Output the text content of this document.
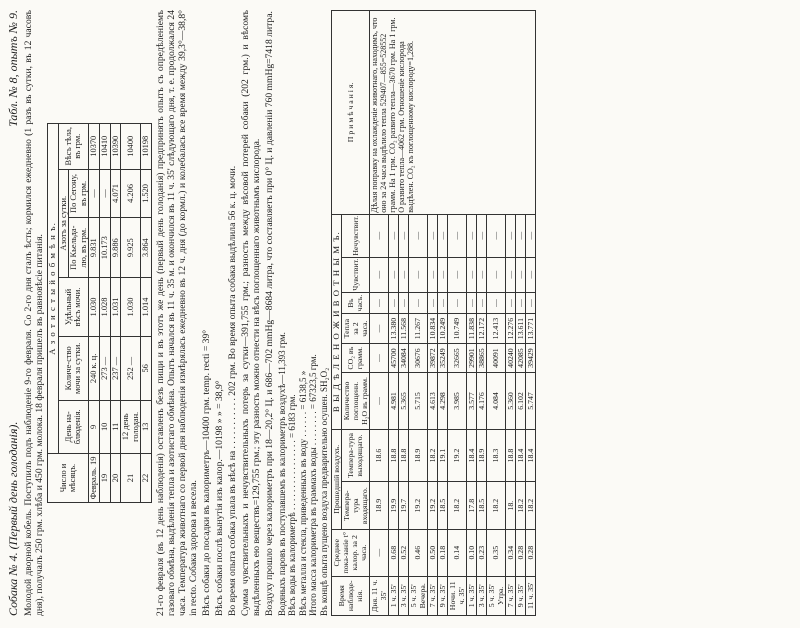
Собака № 4. (Первый день голоданія).
Табл. № 8, опытъ № 9. Молодой дворной кобель. Поступилъ подъ наблюденіе 9-го февраля. Со 2-го дня сталъ ѣсть; кормился ежедневно (1 разъ въ сутки, въ 12 часовъ дня), получалъ 250 грм. хлѣба и 450 грм. молока. 18 февраля пришелъ въ равновѣсіе питанія. Число и мѣсяцъ.	А з о т и с т ы й о б м ѣ н ъ.					
	День на-блюденія.	Количе-ство мочи за сутки.	Удѣльный вѣсъ мочи.	Азотъ за сутки.		Вѣсъ тѣла, въ грм.
				По Кьельда-лю, въ грм.	По Сeгону, въ грм.	
Февраль. 19	9	240 к. ц.	1.030	9.831	—	10370
19	10	273 —	1.028	10.173	—	10410
20	11	237 —	1.031	9.886	4.071	10390
21	12 день голодан.	252 —	1.030	9.925	4.206	10400
22	13	56	1.014	3.864	1.520	10198 21-го февраля (въ 12 день наблюденія) оставленъ безъ пищи и въ этотъ же день (первый день голоданія) предпринятъ опытъ съ опредѣленіемъ газоваго обмѣна, выдѣленія тепла и азотистаго обмѣна. Опытъ начался въ 11 ч. 35 м. и окончился въ 11 ч. 35' слѣдующаго дня, т. е. продолжался 24 часа. Температура животнаго со первой дня наблюденія измѣрялась ежедневно въ 12 ч. дня (до кормл.) и колебалась все время между 39,3°—38,8° in recto. Собака здорова и весела. Вѣсъ собаки до посадки въ калориметръ—10400 грм. temp. recti = 39° Вѣсъ собаки послѣ вынутія изъ калор.—10198 » » = 38,9° Во время опыта собака упала въ вѣсѣ на . . . . . . . . . . . 202 грм. Во время опыта собака выдѣлила 56 к. ц. мочи. Сумма чувствительныхъ и нечувствительныхъ потерь за сутки—391,755 грм.; разность между вѣсовой потерей собаки (202 грм.) и вѣсомъ выдѣленныхъ ею веществъ=129,755 грм.; эту разность можно отнести на вѣсъ поглощеннаго животнымъ кислорода. Воздуху прошло через калориметръ при 18—20,2° Ц. и 686—702 mmHg—8684 литра, что составляетъ при 0° Ц. и давленіи 760 mmHg=7418 литра. Водяныхъ паровъ въ поступавшемъ въ калориметръ воздухѣ—11,393 грм. Вѣсъ воды въ калориметрѣ . . . . . . . . . . . . . . . . = 6183 грм. Вѣсъ металла и стекла, приведенныхъ въ воду . . . . . . = 6138,5 » Итого масса калориметра въ граммахъ воды . . . . . . . . = 67323,5 грм. Въ концѣ опыта пущено воздуха предварительно осушен. SH₂O₂ Время наблюде-нія.	Среднее пока-заніе t° калор. за 2 часа.	Прошедшій воздухъ.		В Ы Д Ѣ Л Е Н О Ж И В О Т Н Ы М Ъ.						П р и м ѣ ч а н і я.
		Темпера-тура входящаго.	Темпера-тура выходящаго.	Количество поглощенн. H₂O въ грамм.	CO₂ въ грамм.	Тепла за 2 часа.	Въ часъ.	Чувствит.	Нечувствит.	
Дня. 11 ч. 35'	—	18.9	18.6	—	—	—	—	—	—	Дѣлая поправку на охлажденіе животнаго, находимъ, что оно за 24 часа выдѣлило тепла 529407—855=528552 грамм. На 1 грм. CO₂ развито тепла—3670 грм. На 1 грм. O развито тепла—4062 грм. Отношеніе кислорода выдѣлен. CO₂ къ поглощенному кислороду=1,288.
1 ч. 35'	0.68	19.9	18.8	4.981	45700	13.380	—	—	—	
3 ч. 35'	0.52	19.7	18.8	5.365	34084	11.568	—	—	—	
5 ч. 35' Вечера.	0.46	19.2	18.9	5.715	30676	11.267	—	—	—	
7 ч. 35'	0.50	19.2	18.2	4.613	39872	10.834	—	—	—	
9 ч. 35'	0.18	18.5	19.1	4.298	35249	10.249	—	—	—	
Ночи. 11 ч. 35'	0.14	18.2	19.2	3.985	32665	10.749	—	—	—	
1 ч. 35'	0.10	17.8	18.4	3.577	29901	11.838	—	—	—	
3 ч. 35'	0.23	18.5	18.9	4.176	38865	12.172	—	—	—	
5 ч. 35' Утра.	0.35	18.2	18.3	4.084	40091	12.413	—	—	—	
7 ч. 35'	0.34	18.	18.8	5.360	40240	12.276	—	—	—	
9 ч. 35'	0.28	18.2	18.4	6.102	42085	13.611	—	—	—	
11 ч. 35'	0.28	18.2	18.4	5.747	39429	13.771	—	—	—	
